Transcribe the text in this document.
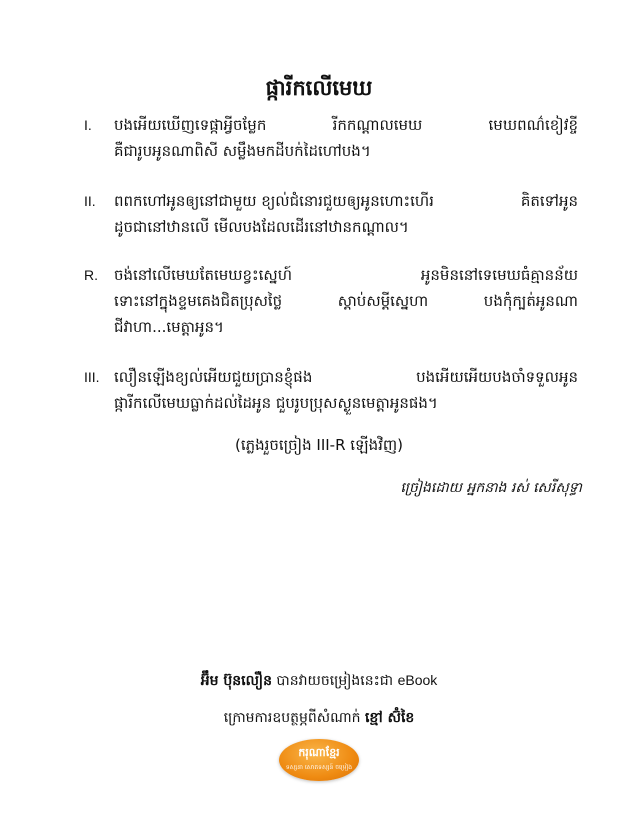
ផ្ការីកលើមេឃ
I. បងអើយឃើញទេផ្កាអ្វីចម្លែក	រីកកណ្ដាលមេឃ	មេឃពណ៌ខៀវខ្ចី
គឺជារូបអូនណាពិសី សម្លឹងមកដីបក់ដៃហៅបង។
II. ពពកហៅអូនឲ្យនៅជាមួយ ខ្យល់ជំនោរជួយឲ្យអូនហោះហើរ	គិតទៅអូន
ដូចជានៅឋានលើ មើលបងដែលដើរនៅឋានកណ្ដាល។
R. ចង់នៅលើមេឃតែមេឃខ្វះស្នេហ៍	អូនមិននៅទេមេឃធំគ្មានន័យ
ទោះនៅក្នុងខ្ទមគេងជិតប្រុសថ្លៃ	ស្ដាប់សម្ដីស្នេហា	បងកុំក្បត់អូនណា
ជីវាហា...មេត្តាអូន។
III. លឿនឡើងខ្យល់អើយជួយប្រានខ្ញុំផង	បងអើយអើយបងចាំទទួលអូន
ផ្ការីកលើមេឃធ្លាក់ដល់ដៃអូន ជួបរូបប្រុសស្ងួនមេត្តាអូនផង។
(ភ្លេងរួចច្រៀង III-R ឡើងវិញ)
ច្រៀងដោយ អ្នកនាង រស់ សេរីសុទ្ធា
អ៊ឹម ប៊ុនលឿន បានវាយចម្រៀងនេះជា eBook
ក្រោមការឧបត្ថម្ភពីសំណាក់ ខ្មៅ ស៊ំខៃ
ករុណាខ្មែរ
ទស្សនា សោតទស្សន៍ ចម្រៀង
